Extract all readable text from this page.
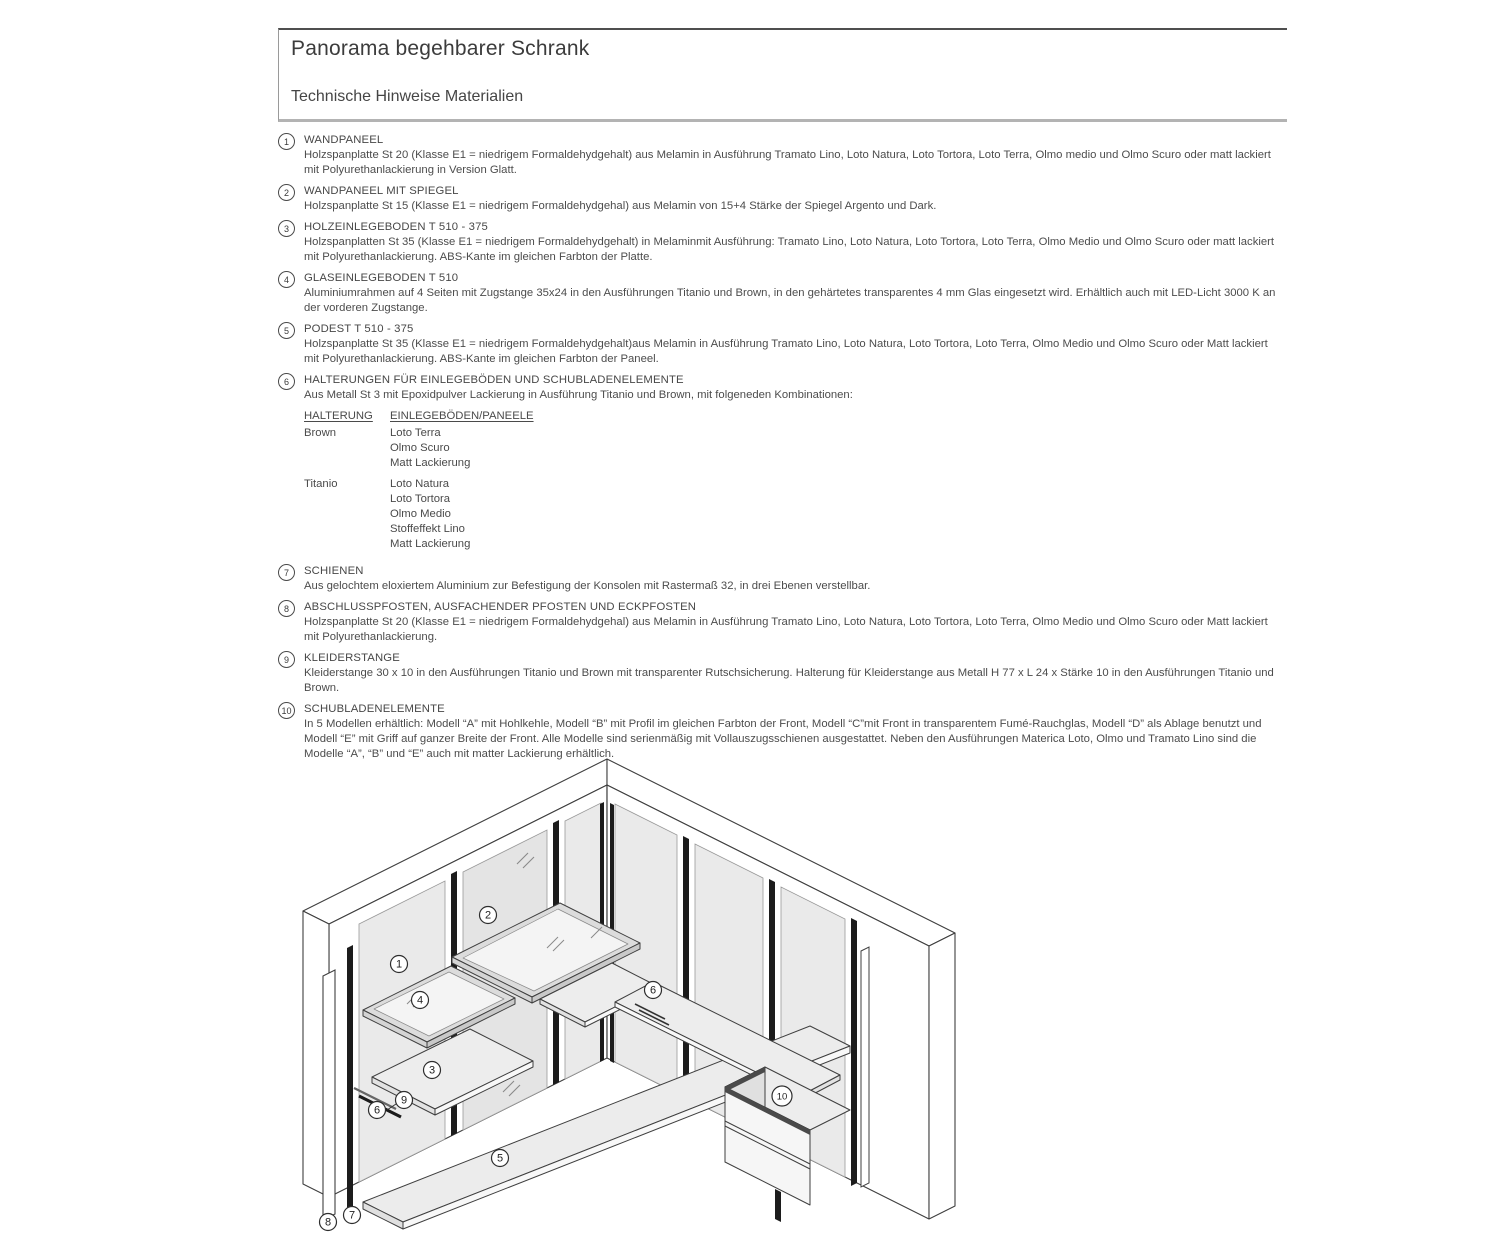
Panorama begehbarer Schrank
Technische Hinweise Materialien
1	WANDPANEEL
Holzspanplatte St 20 (Klasse E1 = niedrigem Formaldehydgehalt) aus Melamin in Ausführung Tramato Lino, Loto Natura, Loto Tortora, Loto Terra, Olmo medio und Olmo Scuro oder matt lackiert mit Polyurethanlackierung in Version Glatt.
2	WANDPANEEL MIT SPIEGEL
Holzspanplatte St 15 (Klasse E1 = niedrigem Formaldehydgehal) aus Melamin von 15+4 Stärke der Spiegel Argento und Dark.
3	HOLZEINLEGEBODEN T 510 - 375
Holzspanplatten St 35 (Klasse E1 = niedrigem Formaldehydgehalt) in Melaminmit Ausführung: Tramato Lino, Loto Natura, Loto Tortora, Loto Terra, Olmo Medio und Olmo Scuro oder matt lackiert mit Polyurethanlackierung. ABS-Kante im gleichen Farbton der Platte.
4	GLASEINLEGEBODEN T 510
Aluminiumrahmen auf 4 Seiten mit Zugstange 35x24 in den Ausführungen Titanio und Brown, in den gehärtetes transparentes 4 mm Glas eingesetzt wird. Erhältlich auch mit LED-Licht 3000 K an der vorderen Zugstange.
5	PODEST T 510 - 375
Holzspanplatte St 35 (Klasse E1 = niedrigem Formaldehydgehalt)aus Melamin in Ausführung Tramato Lino, Loto Natura, Loto Tortora, Loto Terra, Olmo Medio und Olmo Scuro oder Matt lackiert mit Polyurethanlackierung. ABS-Kante im gleichen Farbton der Paneel.
6	HALTERUNGEN FÜR EINLEGEBÖDEN UND SCHUBLADENELEMENTE
Aus Metall St 3 mit Epoxidpulver Lackierung in Ausführung Titanio und Brown, mit folgeneden Kombinationen:
HALTERUNG	EINLEGEBÖDEN/PANEELE
Brown	Loto Terra
Olmo Scuro
Matt Lackierung
Titanio	Loto Natura
Loto Tortora
Olmo Medio
Stoffeffekt Lino
Matt Lackierung
7	SCHIENEN
Aus gelochtem eloxiertem Aluminium zur Befestigung der Konsolen mit Rastermaß 32, in drei Ebenen verstellbar.
8	ABSCHLUSSPFOSTEN, AUSFACHENDER PFOSTEN UND ECKPFOSTEN
Holzspanplatte St 20 (Klasse E1 = niedrigem Formaldehydgehal) aus Melamin in Ausführung Tramato Lino, Loto Natura, Loto Tortora, Loto Terra, Olmo Medio und Olmo Scuro oder Matt lackiert mit Polyurethanlackierung.
9	KLEIDERSTANGE
Kleiderstange 30 x 10 in den Ausführungen Titanio und Brown mit transparenter Rutschsicherung. Halterung für Kleiderstange aus Metall H 77 x L 24 x Stärke 10 in den Ausführungen Titanio und Brown.
10	SCHUBLADENELEMENTE
In 5 Modellen erhältlich: Modell “A” mit Hohlkehle, Modell “B” mit Profil im gleichen Farbton der Front, Modell “C”mit Front in transparentem Fumé-Rauchglas, Modell “D” als Ablage benutzt und Modell “E” mit Griff auf ganzer Breite der Front. Alle Modelle sind serienmäßig mit Vollauszugsschienen ausgestattet. Neben den Ausführungen Materica Loto, Olmo und Tramato Lino sind die Modelle “A”, “B” und “E” auch mit matter Lackierung erhältlich.
1
2
4
3
6
9
5
6
10
7
8
